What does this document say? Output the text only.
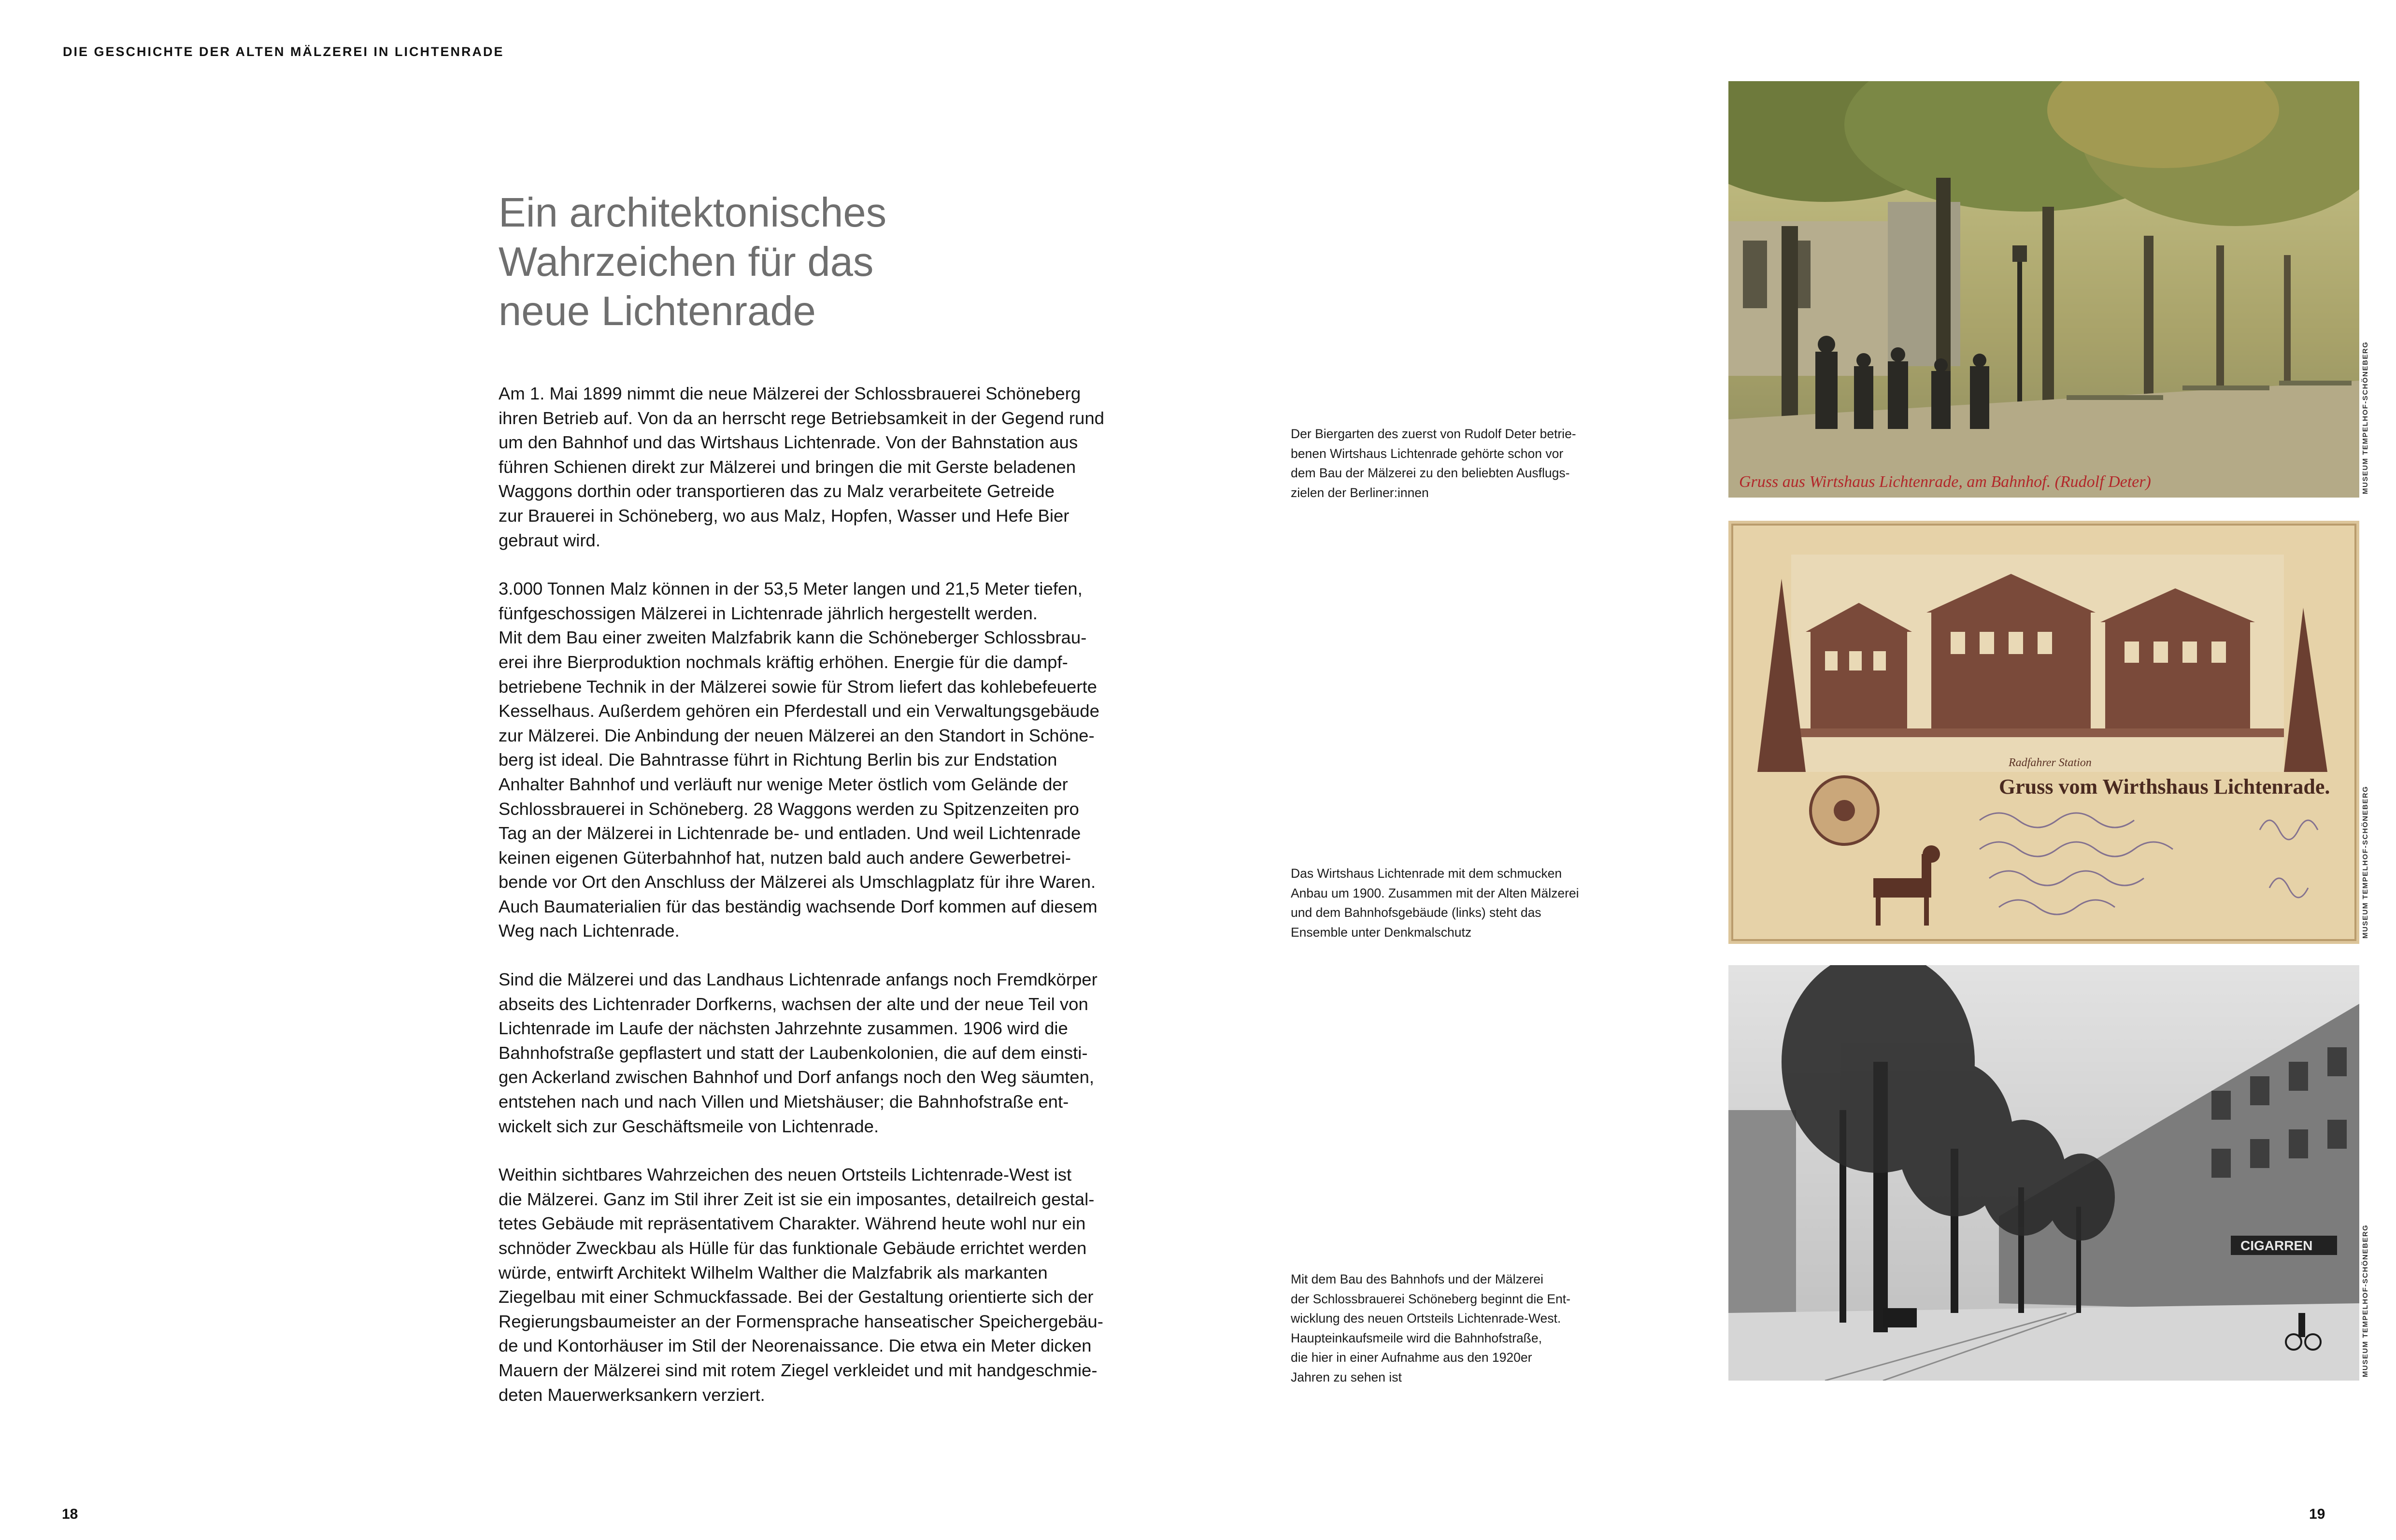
DIE GESCHICHTE DER ALTEN MÄLZEREI IN LICHTENRADE
Ein architektonisches
Wahrzeichen für das
neue Lichtenrade

Am 1. Mai 1899 nimmt die neue Mälzerei der Schlossbrauerei Schöneberg
ihren Betrieb auf. Von da an herrscht rege Betriebsamkeit in der Gegend rund
um den Bahnhof und das Wirtshaus Lichtenrade. Von der Bahnstation aus
führen Schienen direkt zur Mälzerei und bringen die mit Gerste beladenen
Waggons dorthin oder transportieren das zu Malz verarbeitete Getreide
zur Brauerei in Schöneberg, wo aus Malz, Hopfen, Wasser und Hefe Bier
gebraut wird.

3.000 Tonnen Malz können in der 53,5 Meter langen und 21,5 Meter tiefen,
fünfgeschossigen Mälzerei in Lichtenrade jährlich hergestellt werden.
Mit dem Bau einer zweiten Malzfabrik kann die Schöneberger Schlossbrau-
erei ihre Bierproduktion nochmals kräftig erhöhen. Energie für die dampf-
betriebene Technik in der Mälzerei sowie für Strom liefert das kohlebefeuerte
Kesselhaus. Außerdem gehören ein Pferdestall und ein Verwaltungsgebäude
zur Mälzerei. Die Anbindung der neuen Mälzerei an den Standort in Schöne-
berg ist ideal. Die Bahntrasse führt in Richtung Berlin bis zur Endstation
Anhalter Bahnhof und verläuft nur wenige Meter östlich vom Gelände der
Schlossbrauerei in Schöneberg. 28 Waggons werden zu Spitzenzeiten pro
Tag an der Mälzerei in Lichtenrade be- und entladen. Und weil Lichtenrade
keinen eigenen Güterbahnhof hat, nutzen bald auch andere Gewerbetrei-
bende vor Ort den Anschluss der Mälzerei als Umschlagplatz für ihre Waren.
Auch Baumaterialien für das beständig wachsende Dorf kommen auf diesem
Weg nach Lichtenrade.

Sind die Mälzerei und das Landhaus Lichtenrade anfangs noch Fremdkörper
abseits des Lichtenrader Dorfkerns, wachsen der alte und der neue Teil von
Lichtenrade im Laufe der nächsten Jahrzehnte zusammen. 1906 wird die
Bahnhofstraße gepflastert und statt der Laubenkolonien, die auf dem einsti-
gen Ackerland zwischen Bahnhof und Dorf anfangs noch den Weg säumten,
entstehen nach und nach Villen und Mietshäuser; die Bahnhofstraße ent-
wickelt sich zur Geschäftsmeile von Lichtenrade.

Weithin sichtbares Wahrzeichen des neuen Ortsteils Lichtenrade-West ist
die Mälzerei. Ganz im Stil ihrer Zeit ist sie ein imposantes, detailreich gestal-
tetes Gebäude mit repräsentativem Charakter. Während heute wohl nur ein
schnöder Zweckbau als Hülle für das funktionale Gebäude errichtet werden
würde, entwirft Architekt Wilhelm Walther die Malzfabrik als markanten
Ziegelbau mit einer Schmuckfassade. Bei der Gestaltung orientierte sich der
Regierungsbaumeister an der Formensprache hanseatischer Speichergebäu-
de und Kontorhäuser im Stil der Neorenaissance. Die etwa ein Meter dicken
Mauern der Mälzerei sind mit rotem Ziegel verkleidet und mit handgeschmie-
deten Mauerwerksankern verziert.

Der Biergarten des zuerst von Rudolf Deter betrie-
benen Wirtshaus Lichtenrade gehörte schon vor
dem Bau der Mälzerei zu den beliebten Ausflugs-
zielen der Berliner:innen
Das Wirtshaus Lichtenrade mit dem schmucken
Anbau um 1900. Zusammen mit der Alten Mälzerei
und dem Bahnhofsgebäude (links) steht das
Ensemble unter Denkmalschutz
Mit dem Bau des Bahnhofs und der Mälzerei
der Schlossbrauerei Schöneberg beginnt die Ent-
wicklung des neuen Ortsteils Lichtenrade-West.
Haupteinkaufsmeile wird die Bahnhofstraße,
die hier in einer Aufnahme aus den 1920er
Jahren zu sehen ist
Gruss aus Wirtshaus Lichtenrade, am Bahnhof. (Rudolf Deter)	MUSEUM TEMPELHOF-SCHÖNEBERG
Radfahrer Station
Gruss vom Wirthshaus Lichtenrade.	MUSEUM TEMPELHOF-SCHÖNEBERG
CIGARREN	MUSEUM TEMPELHOF-SCHÖNEBERG
18	19
